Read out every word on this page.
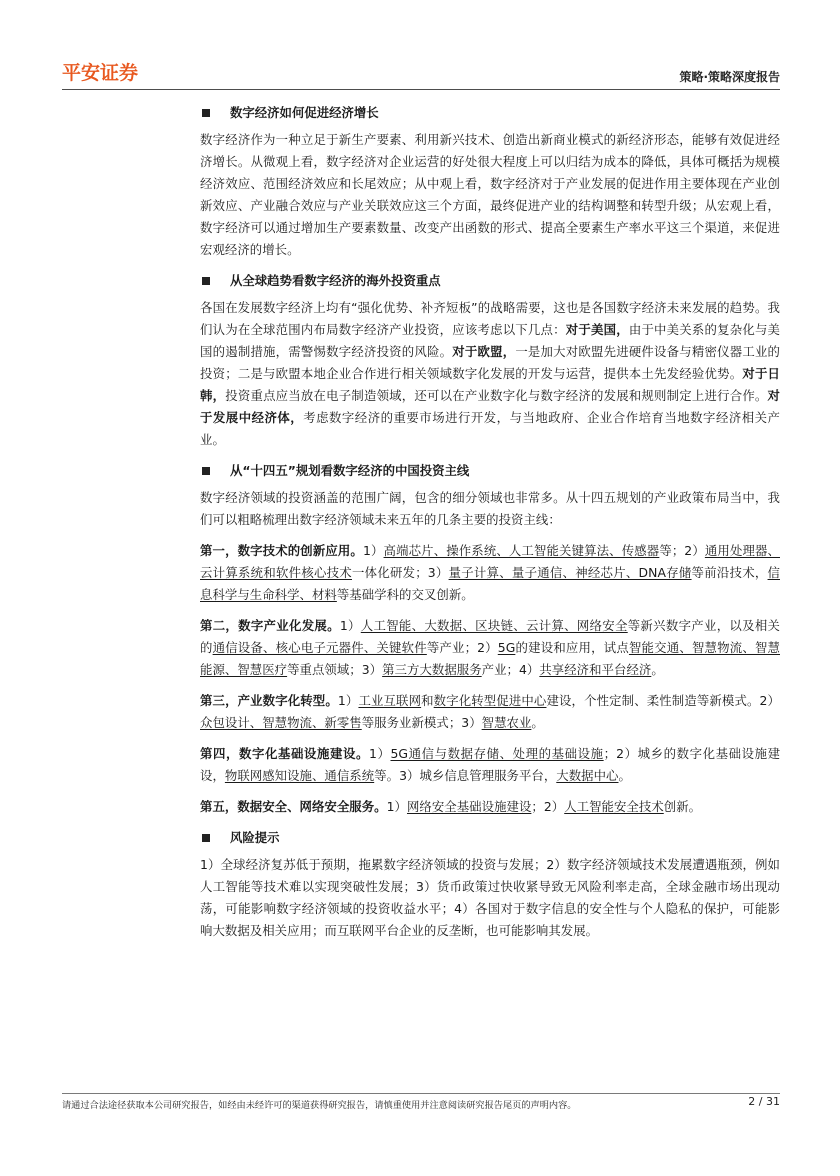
平安证券	策略·策略深度报告
数字经济如何促进经济增长

数字经济作为一种立足于新生产要素、利用新兴技术、创造出新商业模式的新经济形态，能够有效促进经济增长。从微观上看，数字经济对企业运营的好处很大程度上可以归结为成本的降低，具体可概括为规模经济效应、范围经济效应和长尾效应；从中观上看，数字经济对于产业发展的促进作用主要体现在产业创新效应、产业融合效应与产业关联效应这三个方面，最终促进产业的结构调整和转型升级；从宏观上看，数字经济可以通过增加生产要素数量、改变产出函数的形式、提高全要素生产率水平这三个渠道，来促进宏观经济的增长。

从全球趋势看数字经济的海外投资重点

各国在发展数字经济上均有“强化优势、补齐短板”的战略需要，这也是各国数字经济未来发展的趋势。我们认为在全球范围内布局数字经济产业投资，应该考虑以下几点：对于美国，由于中美关系的复杂化与美国的遏制措施，需警惕数字经济投资的风险。对于欧盟，一是加大对欧盟先进硬件设备与精密仪器工业的投资；二是与欧盟本地企业合作进行相关领域数字化发展的开发与运营，提供本土先发经验优势。对于日韩，投资重点应当放在电子制造领域，还可以在产业数字化与数字经济的发展和规则制定上进行合作。对于发展中经济体，考虑数字经济的重要市场进行开发，与当地政府、企业合作培育当地数字经济相关产业。

从“十四五”规划看数字经济的中国投资主线

数字经济领域的投资涵盖的范围广阔，包含的细分领域也非常多。从十四五规划的产业政策布局当中，我们可以粗略梳理出数字经济领域未来五年的几条主要的投资主线：

第一，数字技术的创新应用。1）高端芯片、操作系统、人工智能关键算法、传感器等；2）通用处理器、云计算系统和软件核心技术一体化研发；3）量子计算、量子通信、神经芯片、DNA存储等前沿技术，信息科学与生命科学、材料等基础学科的交叉创新。

第二，数字产业化发展。1）人工智能、大数据、区块链、云计算、网络安全等新兴数字产业，以及相关的通信设备、核心电子元器件、关键软件等产业；2）5G的建设和应用，试点智能交通、智慧物流、智慧能源、智慧医疗等重点领域；3）第三方大数据服务产业；4）共享经济和平台经济。

第三，产业数字化转型。1）工业互联网和数字化转型促进中心建设，个性定制、柔性制造等新模式。2）众包设计、智慧物流、新零售等服务业新模式；3）智慧农业。

第四，数字化基础设施建设。1）5G通信与数据存储、处理的基础设施；2）城乡的数字化基础设施建设，物联网感知设施、通信系统等。3）城乡信息管理服务平台，大数据中心。

第五，数据安全、网络安全服务。1）网络安全基础设施建设；2）人工智能安全技术创新。

风险提示

1）全球经济复苏低于预期，拖累数字经济领域的投资与发展；2）数字经济领域技术发展遭遇瓶颈，例如人工智能等技术难以实现突破性发展；3）货币政策过快收紧导致无风险利率走高，全球金融市场出现动荡，可能影响数字经济领域的投资收益水平；4）各国对于数字信息的安全性与个人隐私的保护，可能影响大数据及相关应用；而互联网平台企业的反垄断，也可能影响其发展。

请通过合法途径获取本公司研究报告，如经由未经许可的渠道获得研究报告，请慎重使用并注意阅读研究报告尾页的声明内容。	2 / 31
